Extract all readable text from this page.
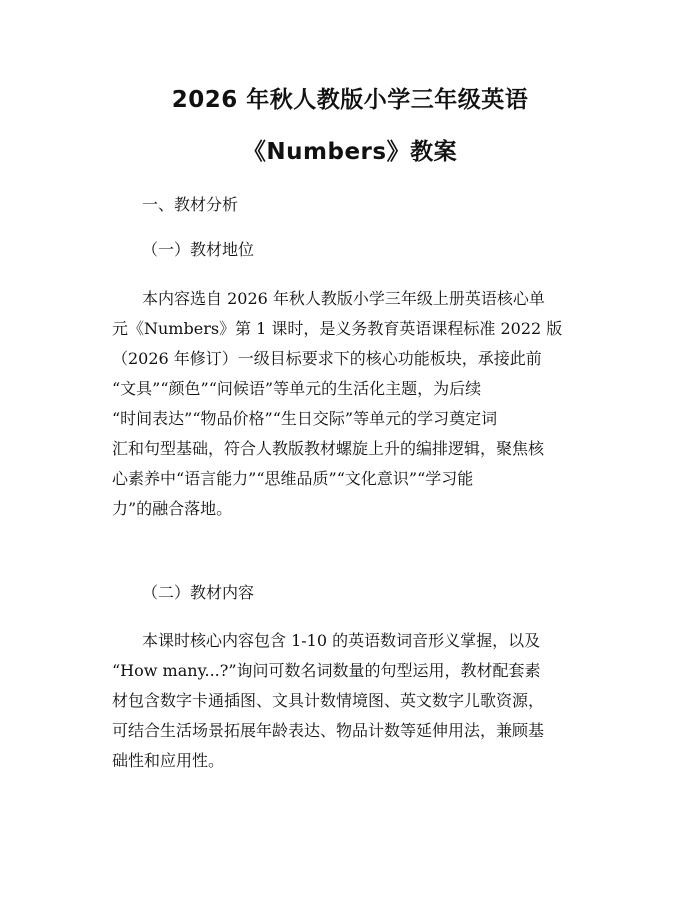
2026 年秋人教版小学三年级英语
《Numbers》教案
一、教材分析
（一）教材地位
本内容选自 2026 年秋人教版小学三年级上册英语核心单
元《Numbers》第 1 课时，是义务教育英语课程标准 2022 版
（2026 年修订）一级目标要求下的核心功能板块，承接此前
“文具”“颜色”“问候语”等单元的生活化主题，为后续
“时间表达”“物品价格”“生日交际”等单元的学习奠定词
汇和句型基础，符合人教版教材螺旋上升的编排逻辑，聚焦核
心素养中“语言能力”“思维品质”“文化意识”“学习能
力”的融合落地。
（二）教材内容
本课时核心内容包含 1-10 的英语数词音形义掌握，以及
“How many...?”询问可数名词数量的句型运用，教材配套素
材包含数字卡通插图、文具计数情境图、英文数字儿歌资源，
可结合生活场景拓展年龄表达、物品计数等延伸用法，兼顾基
础性和应用性。
